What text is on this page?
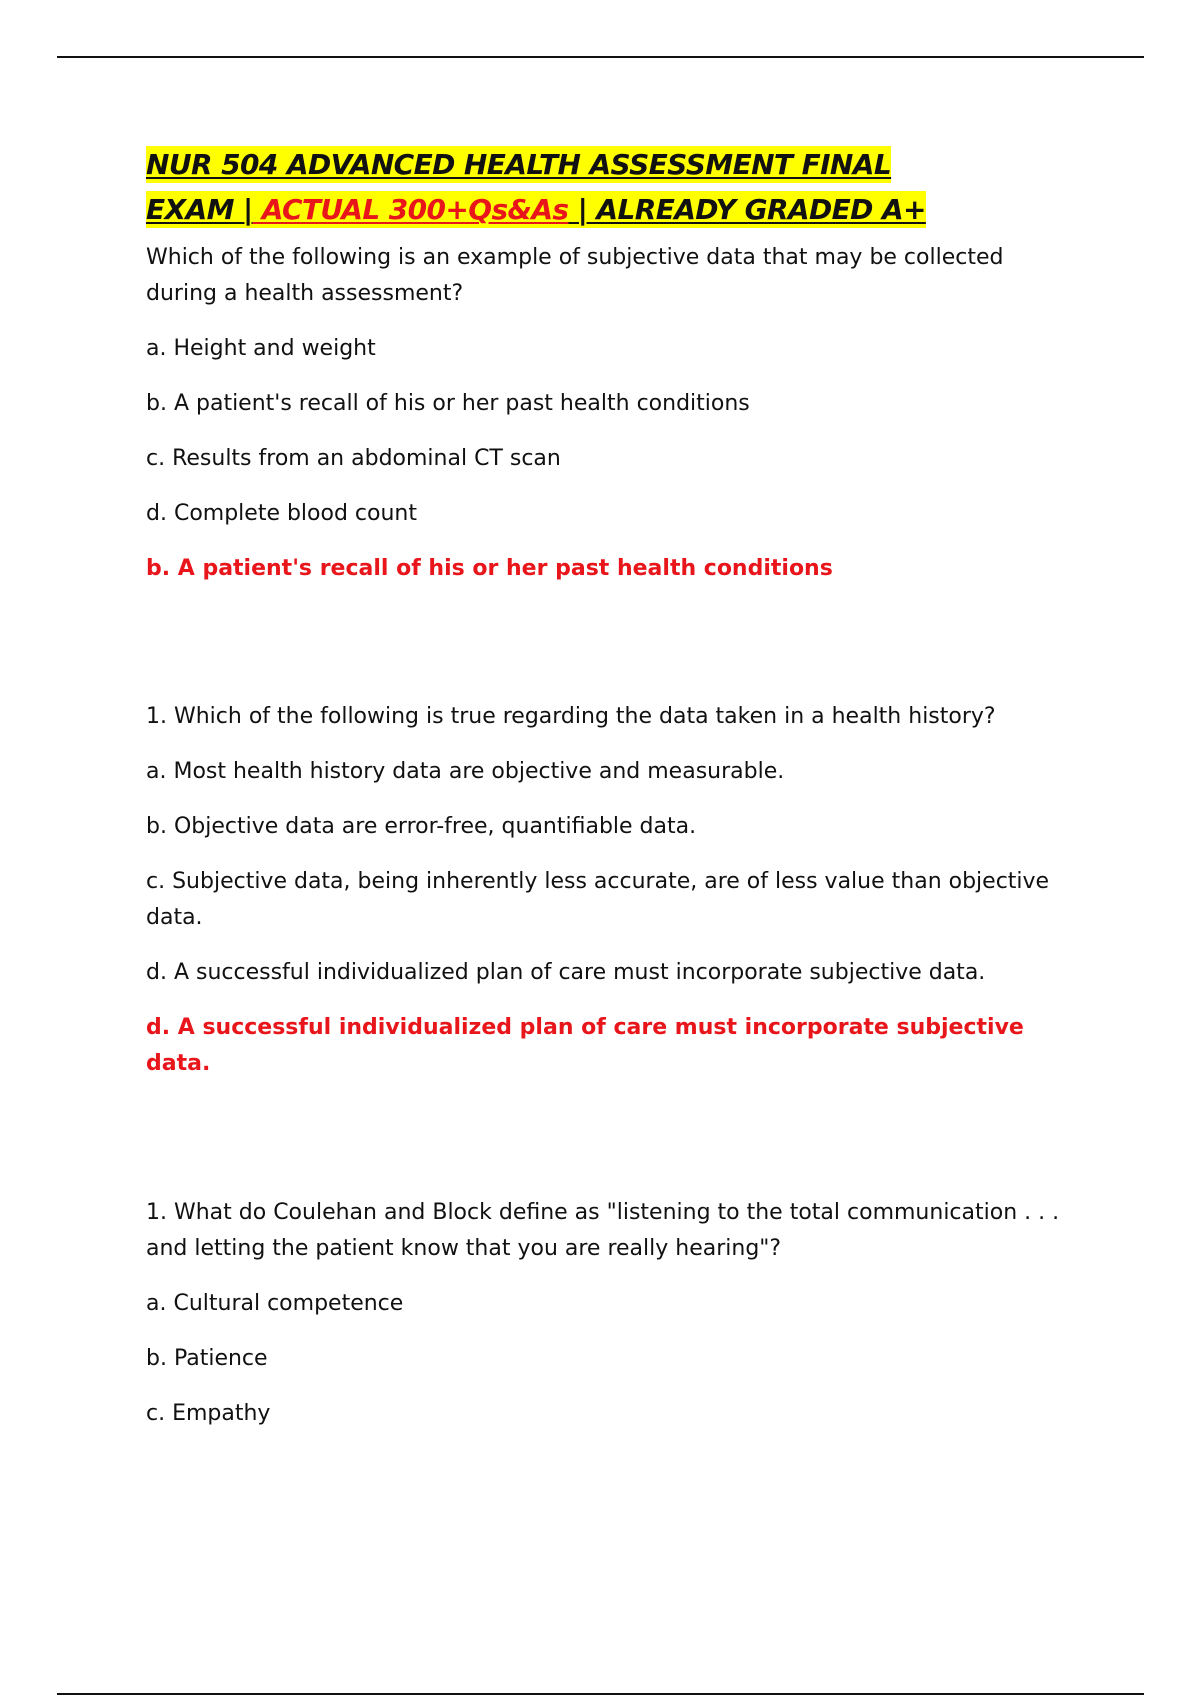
NUR 504 ADVANCED HEALTH ASSESSMENT FINAL
EXAM | ACTUAL 300+Qs&As | ALREADY GRADED A+

Which of the following is an example of subjective data that may be collected during a health assessment?

a. Height and weight

b. A patient's recall of his or her past health conditions

c. Results from an abdominal CT scan

d. Complete blood count

b. A patient's recall of his or her past health conditions

1. Which of the following is true regarding the data taken in a health history?

a. Most health history data are objective and measurable.

b. Objective data are error-free, quantifiable data.

c. Subjective data, being inherently less accurate, are of less value than objective data.

d. A successful individualized plan of care must incorporate subjective data.

d. A successful individualized plan of care must incorporate subjective data.

1. What do Coulehan and Block define as "listening to the total communication . . . and letting the patient know that you are really hearing"?

a. Cultural competence

b. Patience

c. Empathy
